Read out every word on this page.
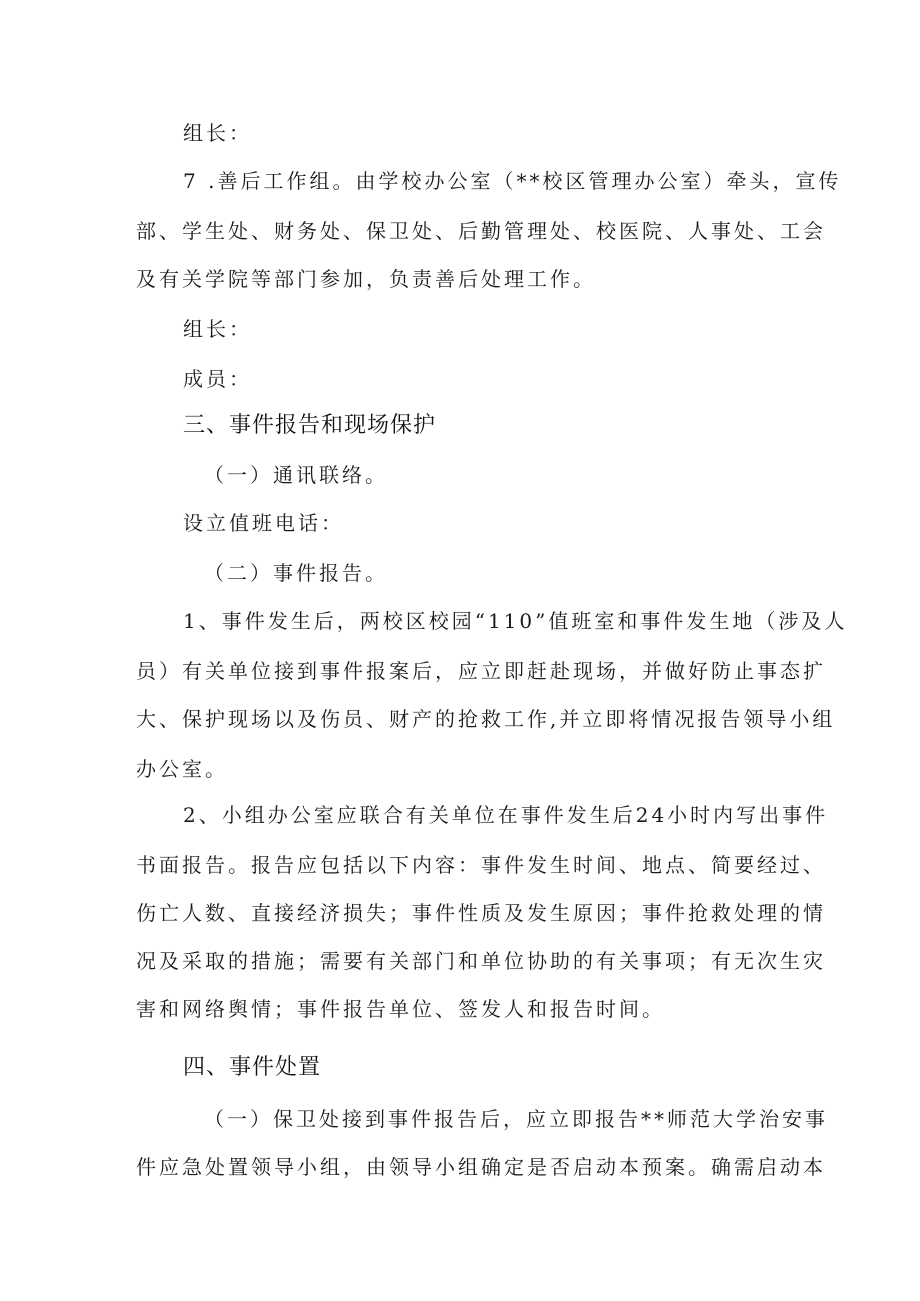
组长：
7 .善后工作组。由学校办公室（**校区管理办公室）牵头，宣传
部、学生处、财务处、保卫处、后勤管理处、校医院、人事处、工会
及有关学院等部门参加，负责善后处理工作。
组长：
成员：
三、事件报告和现场保护
（一）通讯联络。
设立值班电话：
（二）事件报告。
1、事件发生后，两校区校园“110”值班室和事件发生地（涉及人
员）有关单位接到事件报案后，应立即赶赴现场，并做好防止事态扩
大、保护现场以及伤员、财产的抢救工作,并立即将情况报告领导小组
办公室。
2、小组办公室应联合有关单位在事件发生后24小时内写出事件
书面报告。报告应包括以下内容：事件发生时间、地点、简要经过、
伤亡人数、直接经济损失；事件性质及发生原因；事件抢救处理的情
况及采取的措施；需要有关部门和单位协助的有关事项；有无次生灾
害和网络舆情；事件报告单位、签发人和报告时间。
四、事件处置
（一）保卫处接到事件报告后，应立即报告**师范大学治安事
件应急处置领导小组，由领导小组确定是否启动本预案。确需启动本
